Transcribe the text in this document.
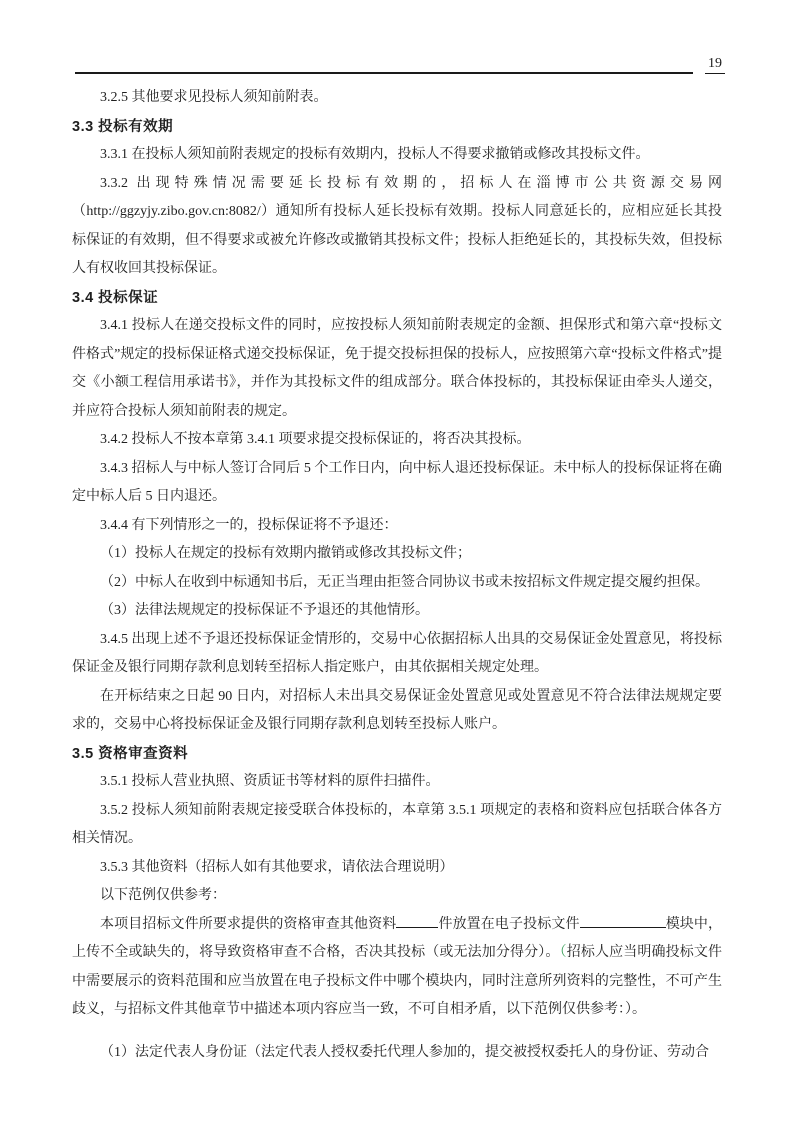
19

3.2.5 其他要求见投标人须知前附表。

3.3 投标有效期

3.3.1 在投标人须知前附表规定的投标有效期内，投标人不得要求撤销或修改其投标文件。

3.3.2 出现特殊情况需要延长投标有效期的，招标人在淄博市公共资源交易网（http://ggzyjy.zibo.gov.cn:8082/）通知所有投标人延长投标有效期。投标人同意延长的，应相应延长其投标保证的有效期，但不得要求或被允许修改或撤销其投标文件；投标人拒绝延长的，其投标失效，但投标人有权收回其投标保证。

3.4 投标保证

3.4.1 投标人在递交投标文件的同时，应按投标人须知前附表规定的金额、担保形式和第六章“投标文件格式”规定的投标保证格式递交投标保证，免于提交投标担保的投标人，应按照第六章“投标文件格式”提交《小额工程信用承诺书》，并作为其投标文件的组成部分。联合体投标的，其投标保证由牵头人递交，并应符合投标人须知前附表的规定。

3.4.2 投标人不按本章第 3.4.1 项要求提交投标保证的，将否决其投标。

3.4.3 招标人与中标人签订合同后 5 个工作日内，向中标人退还投标保证。未中标人的投标保证将在确定中标人后 5 日内退还。

3.4.4 有下列情形之一的，投标保证将不予退还：

（1）投标人在规定的投标有效期内撤销或修改其投标文件；

（2）中标人在收到中标通知书后，无正当理由拒签合同协议书或未按招标文件规定提交履约担保。

（3）法律法规规定的投标保证不予退还的其他情形。

3.4.5 出现上述不予退还投标保证金情形的，交易中心依据招标人出具的交易保证金处置意见，将投标保证金及银行同期存款利息划转至招标人指定账户，由其依据相关规定处理。

在开标结束之日起 90 日内，对招标人未出具交易保证金处置意见或处置意见不符合法律法规规定要求的，交易中心将投标保证金及银行同期存款利息划转至投标人账户。

3.5 资格审查资料

3.5.1 投标人营业执照、资质证书等材料的原件扫描件。

3.5.2 投标人须知前附表规定接受联合体投标的，本章第 3.5.1 项规定的表格和资料应包括联合体各方相关情况。

3.5.3 其他资料（招标人如有其他要求，请依法合理说明）

以下范例仅供参考：

本项目招标文件所要求提供的资格审查其他资料	件放置在电子投标文件	模块中，上传不全或缺失的，将导致资格审查不合格，否决其投标（或无法加分得分）。（招标人应当明确投标文件中需要展示的资料范围和应当放置在电子投标文件中哪个模块内，同时注意所列资料的完整性，不可产生歧义，与招标文件其他章节中描述本项内容应当一致，不可自相矛盾，以下范例仅供参考：）。

（1）法定代表人身份证（法定代表人授权委托代理人参加的，提交被授权委托人的身份证、劳动合
